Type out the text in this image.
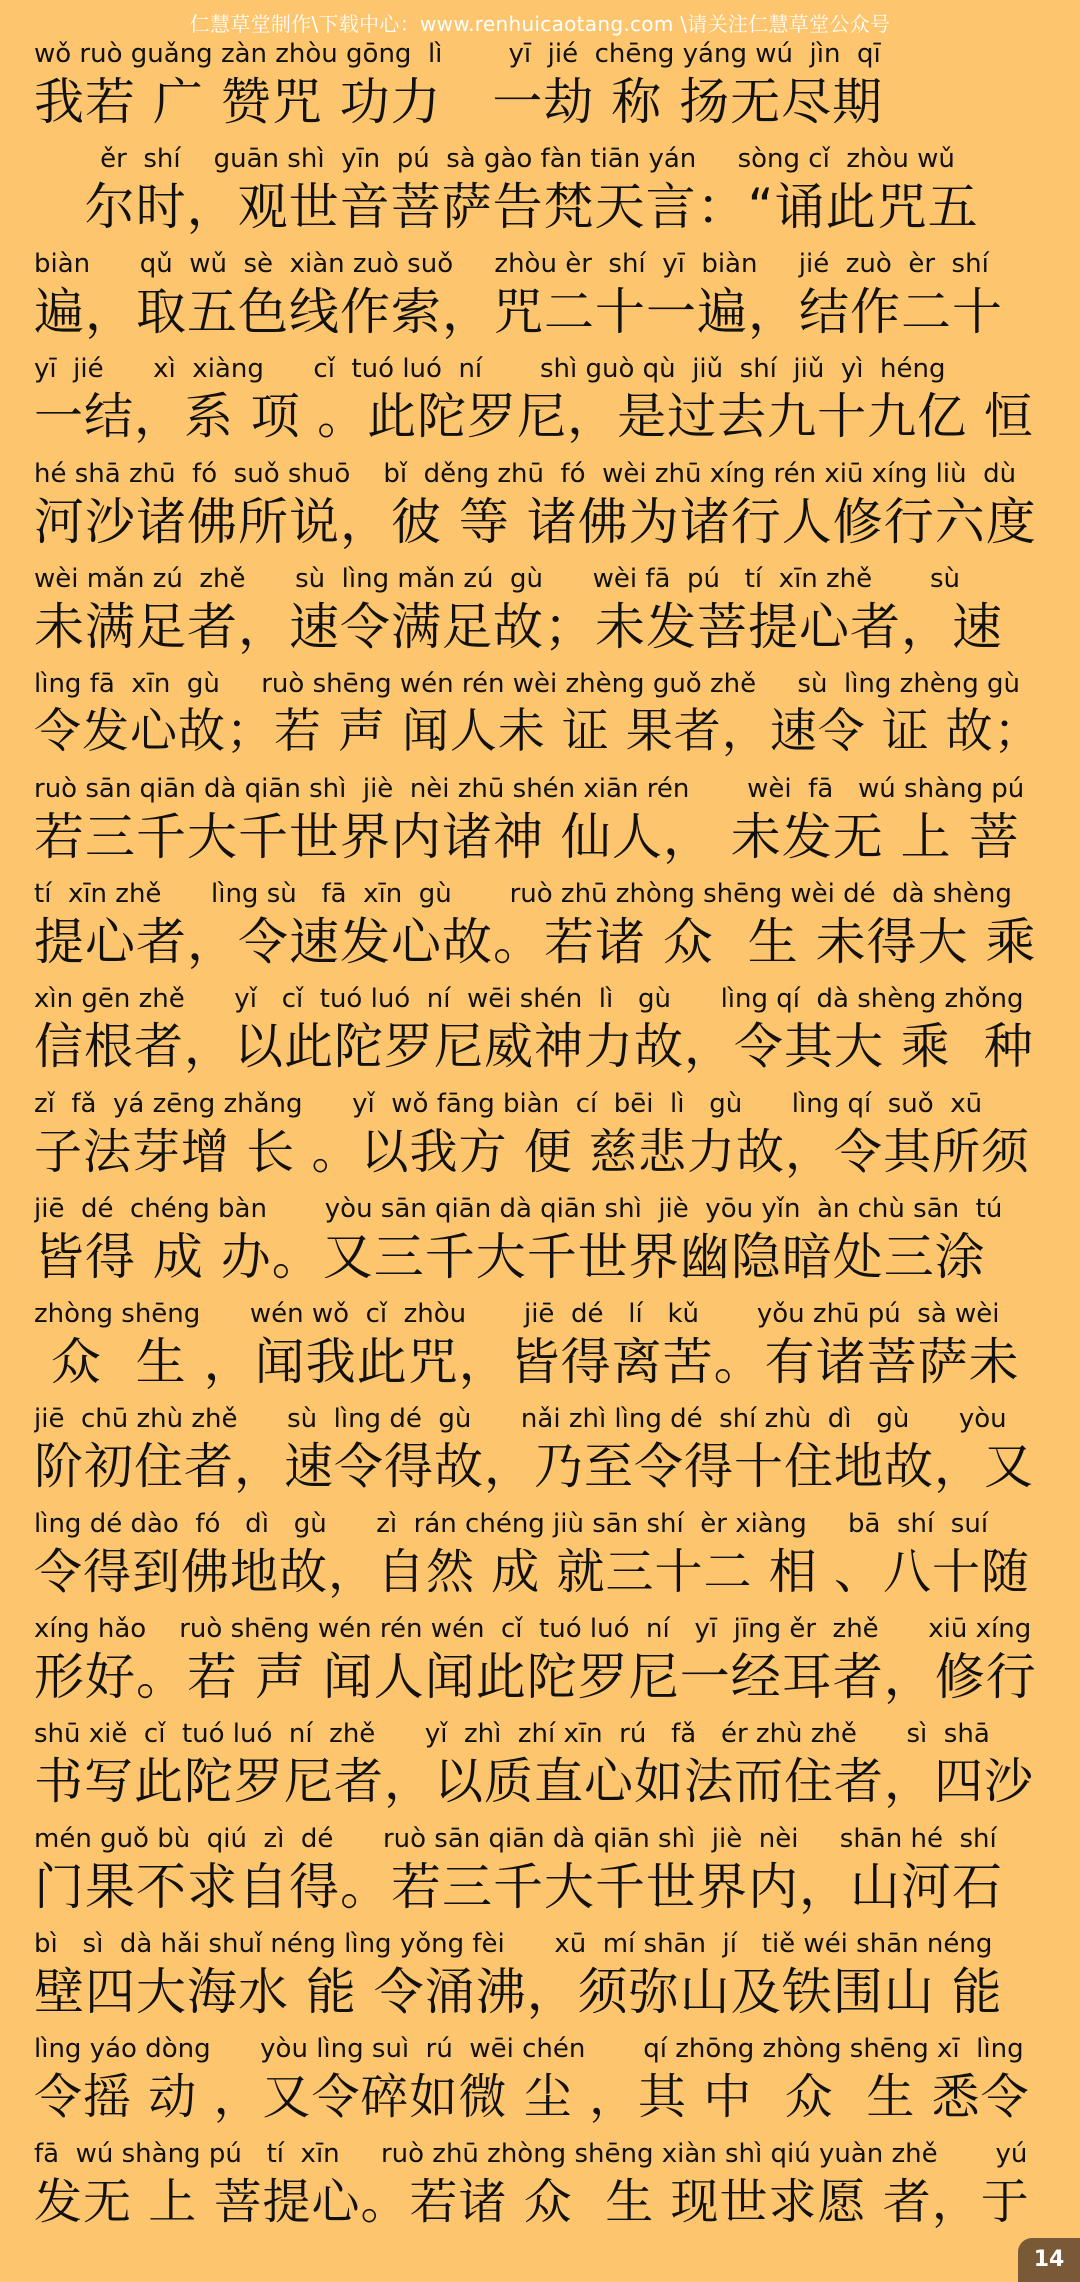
仁慧草堂制作\下载中心：www.renhuicaotang.com \请关注仁慧草堂公众号
wǒ ruò guǎng zàn zhòu gōng  lì        yī  jié  chēng yáng wú  jìn  qī
我若 广 赞咒 功力   一劫 称 扬无尽期
ěr  shí    guān shì  yīn  pú  sà gào fàn tiān yán     sòng cǐ  zhòu wǔ
尔时，观世音菩萨告梵天言：“诵此咒五
biàn      qǔ  wǔ  sè  xiàn zuò suǒ     zhòu èr  shí  yī  biàn     jié  zuò  èr  shí
遍，取五色线作索，咒二十一遍，结作二十
yī  jié      xì  xiàng      cǐ  tuó luó  ní       shì guò qù  jiǔ  shí  jiǔ  yì  héng
一结，系 项 。此陀罗尼，是过去九十九亿 恒
hé shā zhū  fó  suǒ shuō    bǐ  děng zhū  fó  wèi zhū xíng rén xiū xíng liù  dù
河沙诸佛所说，彼 等 诸佛为诸行人修行六度
wèi mǎn zú  zhě      sù  lìng mǎn zú  gù      wèi fā  pú   tí  xīn zhě       sù
未满足者，速令满足故；未发菩提心者，速
lìng fā  xīn  gù     ruò shēng wén rén wèi zhèng guǒ zhě     sù  lìng zhèng gù
令发心故；若 声 闻人未 证 果者，速令 证 故；
ruò sān qiān dà qiān shì  jiè  nèi zhū shén xiān rén       wèi  fā   wú shàng pú
若三千大千世界内诸神 仙人， 未发无 上 菩
tí  xīn zhě      lìng sù   fā  xīn  gù       ruò zhū zhòng shēng wèi dé  dà shèng
提心者，令速发心故。若诸 众  生 未得大 乘
xìn gēn zhě      yǐ   cǐ  tuó luó  ní  wēi shén  lì   gù      lìng qí  dà shèng zhǒng
信根者，以此陀罗尼威神力故，令其大 乘  种
zǐ  fǎ  yá zēng zhǎng      yǐ  wǒ fāng biàn  cí  bēi  lì   gù      lìng qí  suǒ  xū
子法芽增 长 。以我方 便 慈悲力故，令其所须
jiē  dé  chéng bàn       yòu sān qiān dà qiān shì  jiè  yōu yǐn  àn chù sān  tú
皆得 成 办。又三千大千世界幽隐暗处三涂
zhòng shēng      wén wǒ  cǐ  zhòu       jiē  dé   lí   kǔ       yǒu zhū pú  sà wèi
众  生 ，闻我此咒，皆得离苦。有诸菩萨未
jiē  chū zhù zhě      sù  lìng dé  gù      nǎi zhì lìng dé  shí zhù  dì   gù      yòu
阶初住者，速令得故，乃至令得十住地故，又
lìng dé dào  fó   dì   gù      zì  rán chéng jiù sān shí  èr xiàng     bā  shí  suí
令得到佛地故，自然 成 就三十二 相 、八十随
xíng hǎo    ruò shēng wén rén wén  cǐ  tuó luó  ní   yī  jīng ěr  zhě      xiū xíng
形好。若 声 闻人闻此陀罗尼一经耳者，修行
shū xiě  cǐ  tuó luó  ní  zhě      yǐ  zhì  zhí xīn  rú   fǎ   ér zhù zhě      sì  shā
书写此陀罗尼者，以质直心如法而住者，四沙
mén guǒ bù  qiú  zì  dé      ruò sān qiān dà qiān shì  jiè  nèi     shān hé  shí
门果不求自得。若三千大千世界内，山河石
bì   sì  dà hǎi shuǐ néng lìng yǒng fèi      xū  mí shān  jí   tiě wéi shān néng
壁四大海水 能 令涌沸，须弥山及铁围山 能
lìng yáo dòng      yòu lìng suì  rú  wēi chén       qí zhōng zhòng shēng xī  lìng
令摇 动 ，又令碎如微 尘 ，其 中  众  生 悉令
fā  wú shàng pú   tí  xīn     ruò zhū zhòng shēng xiàn shì qiú yuàn zhě       yú
发无 上 菩提心。若诸 众  生 现世求愿 者，于
14
